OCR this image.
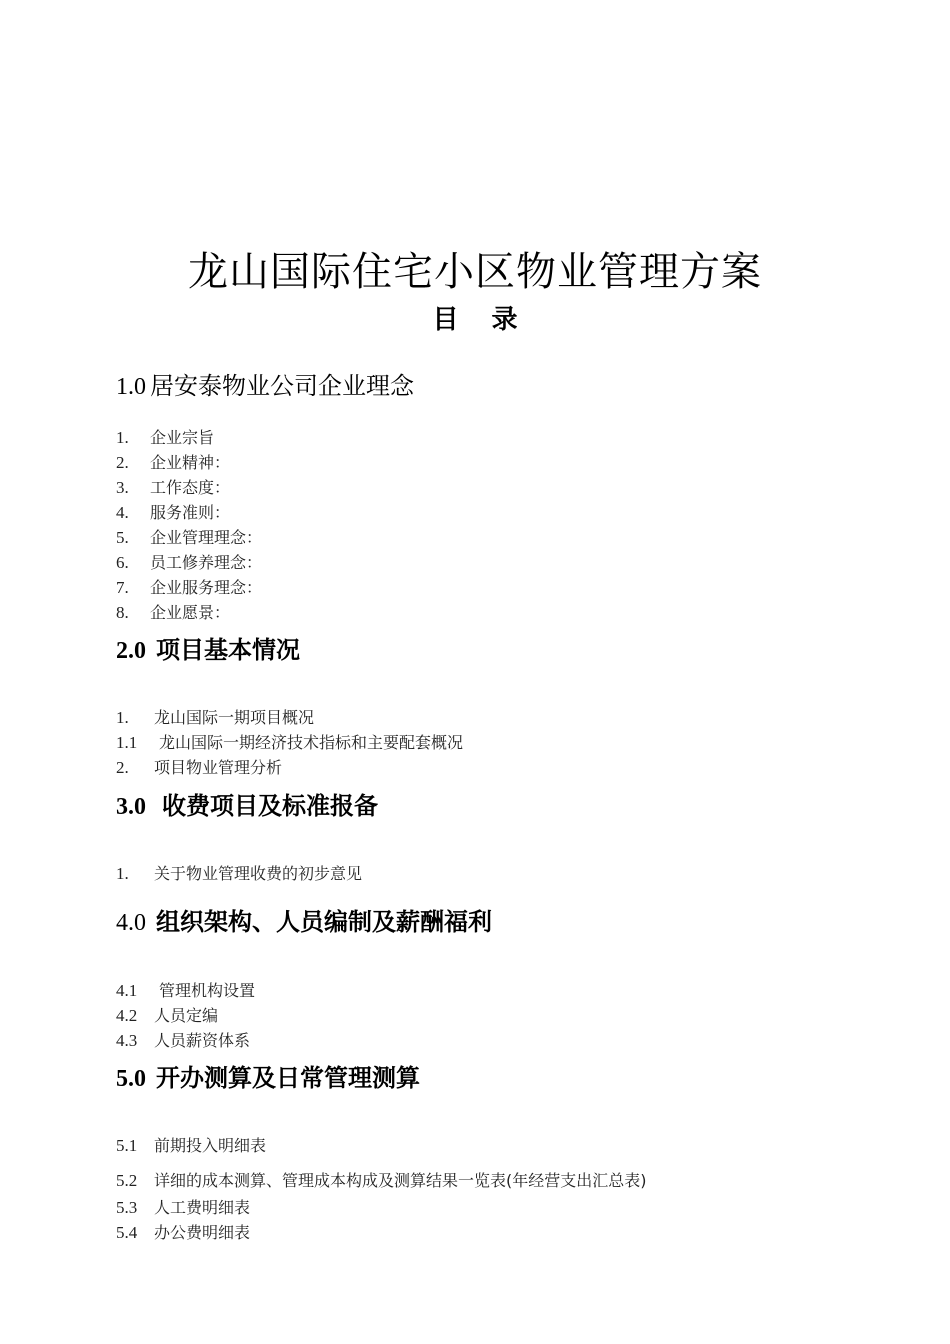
龙山国际住宅小区物业管理方案
目 录
1.0 居安泰物业公司企业理念
1. 企业宗旨
2. 企业精神：
3. 工作态度：
4. 服务准则：
5. 企业管理理念：
6. 员工修养理念：
7. 企业服务理念：
8. 企业愿景：
2.0 项目基本情况
1. 龙山国际一期项目概况
1.1 龙山国际一期经济技术指标和主要配套概况
2. 项目物业管理分析
3.0 收费项目及标准报备
1. 关于物业管理收费的初步意见
4.0 组织架构、人员编制及薪酬福利
4.1 管理机构设置
4.2 人员定编
4.3 人员薪资体系
5.0 开办测算及日常管理测算
5.1 前期投入明细表
5.2 详细的成本测算、管理成本构成及测算结果一览表(年经营支出汇总表)
5.3 人工费明细表
5.4 办公费明细表
